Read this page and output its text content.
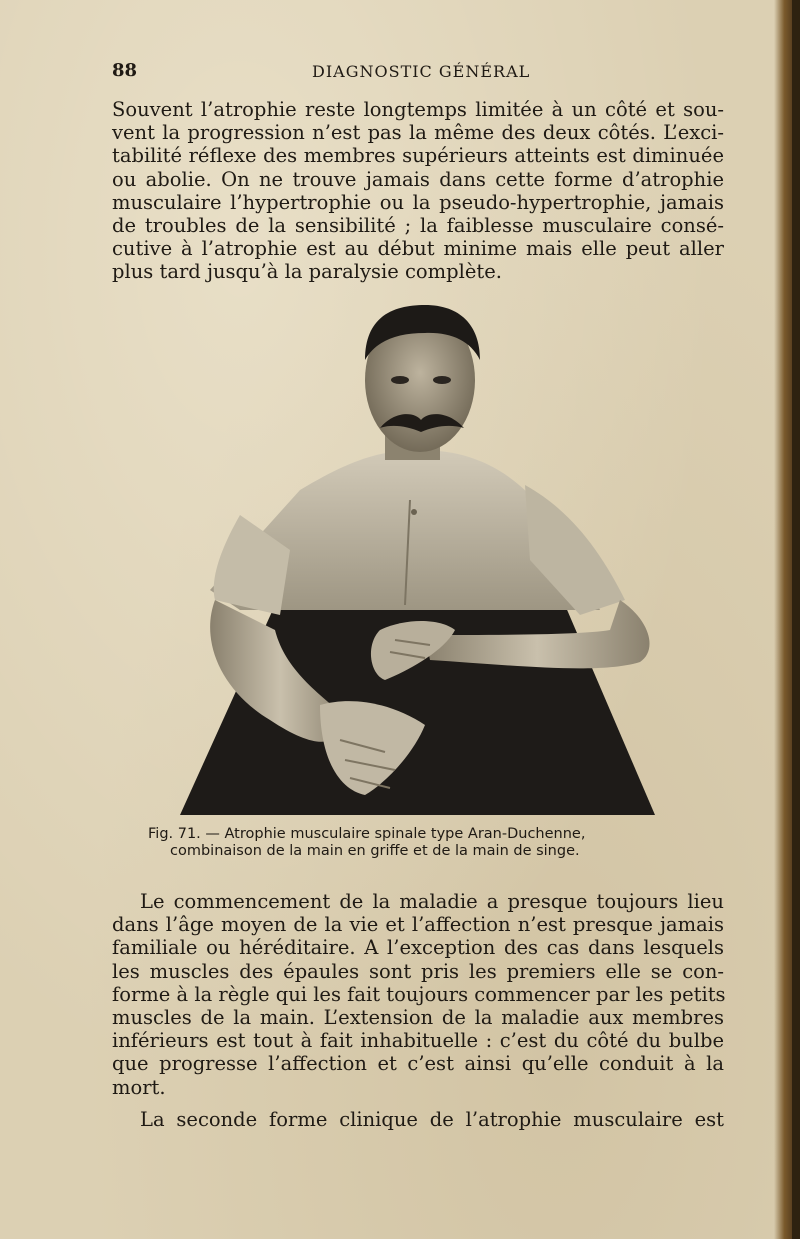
88	DIAGNOSTIC GÉNÉRAL
Souvent l’atrophie reste longtemps limitée à un côté et sou-
vent la progression n’est pas la même des deux côtés. L’exci-
tabilité réflexe des membres supérieurs atteints est diminuée
ou abolie. On ne trouve jamais dans cette forme d’atrophie
musculaire l’hypertrophie ou la pseudo-hypertrophie, jamais
de troubles de la sensibilité ; la faiblesse musculaire consé-
cutive à l’atrophie est au début minime mais elle peut aller
plus tard jusqu’à la paralysie complète.
Fig. 71. — Atrophie musculaire spinale type Aran-Duchenne,
combinaison de la main en griffe et de la main de singe.
Le commencement de la maladie a presque toujours lieu
dans l’âge moyen de la vie et l’affection n’est presque jamais
familiale ou héréditaire. A l’exception des cas dans lesquels
les muscles des épaules sont pris les premiers elle se con-
forme à la règle qui les fait toujours commencer par les petits
muscles de la main. L’extension de la maladie aux membres
inférieurs est tout à fait inhabituelle : c’est du côté du bulbe
que progresse l’affection et c’est ainsi qu’elle conduit à la
mort.
La seconde forme clinique de l’atrophie musculaire est
